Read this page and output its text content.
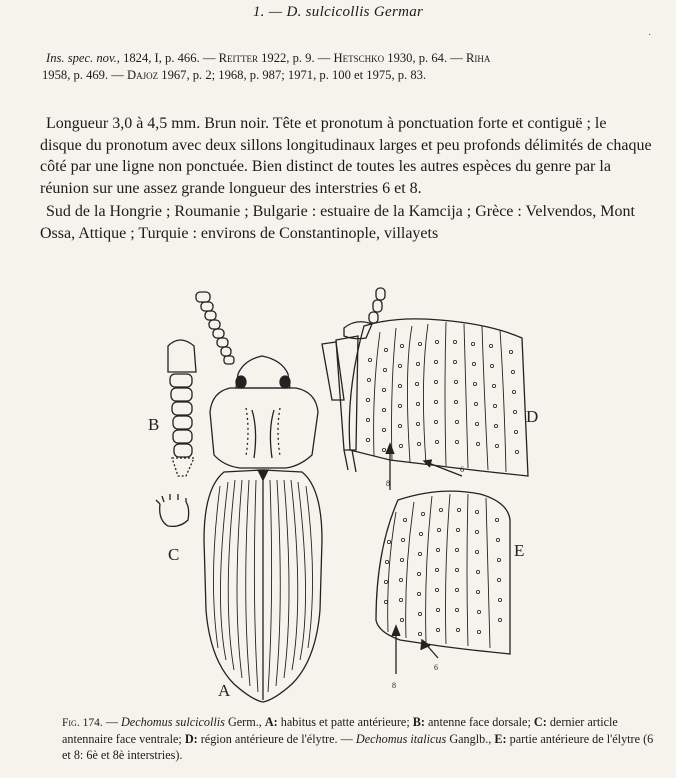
1. — D. sulcicollis Germar
Ins. spec. nov., 1824, I, p. 466. — Reitter 1922, p. 9. — Hetschko 1930, p. 64. — Riha
1958, p. 469. — Dajoz 1967, p. 2; 1968, p. 987; 1971, p. 100 et 1975, p. 83.

Longueur 3,0 à 4,5 mm. Brun noir. Tête et pronotum à ponctuation forte et contiguë ; le disque du pronotum avec deux sillons longitudinaux larges et peu profonds délimités de chaque côté par une ligne non ponctuée. Bien distinct de toutes les autres espèces du genre par la réunion sur une assez grande longueur des interstries 6 et 8.

Sud de la Hongrie ; Roumanie ; Bulgarie : estuaire de la Kamcija ; Grèce : Velvendos, Mont Ossa, Attique ; Turquie : environs de Constantinople, villayets

·
A
B
C
8
6
D
8
6
E
Fig. 174. — Dechomus sulcicollis Germ., A: habitus et patte antérieure; B: antenne face dorsale; C: dernier article antennaire face ventrale; D: région antérieure de l'élytre. — Dechomus italicus Ganglb., E: partie antérieure de l'élytre (6 et 8: 6è et 8è interstries).
